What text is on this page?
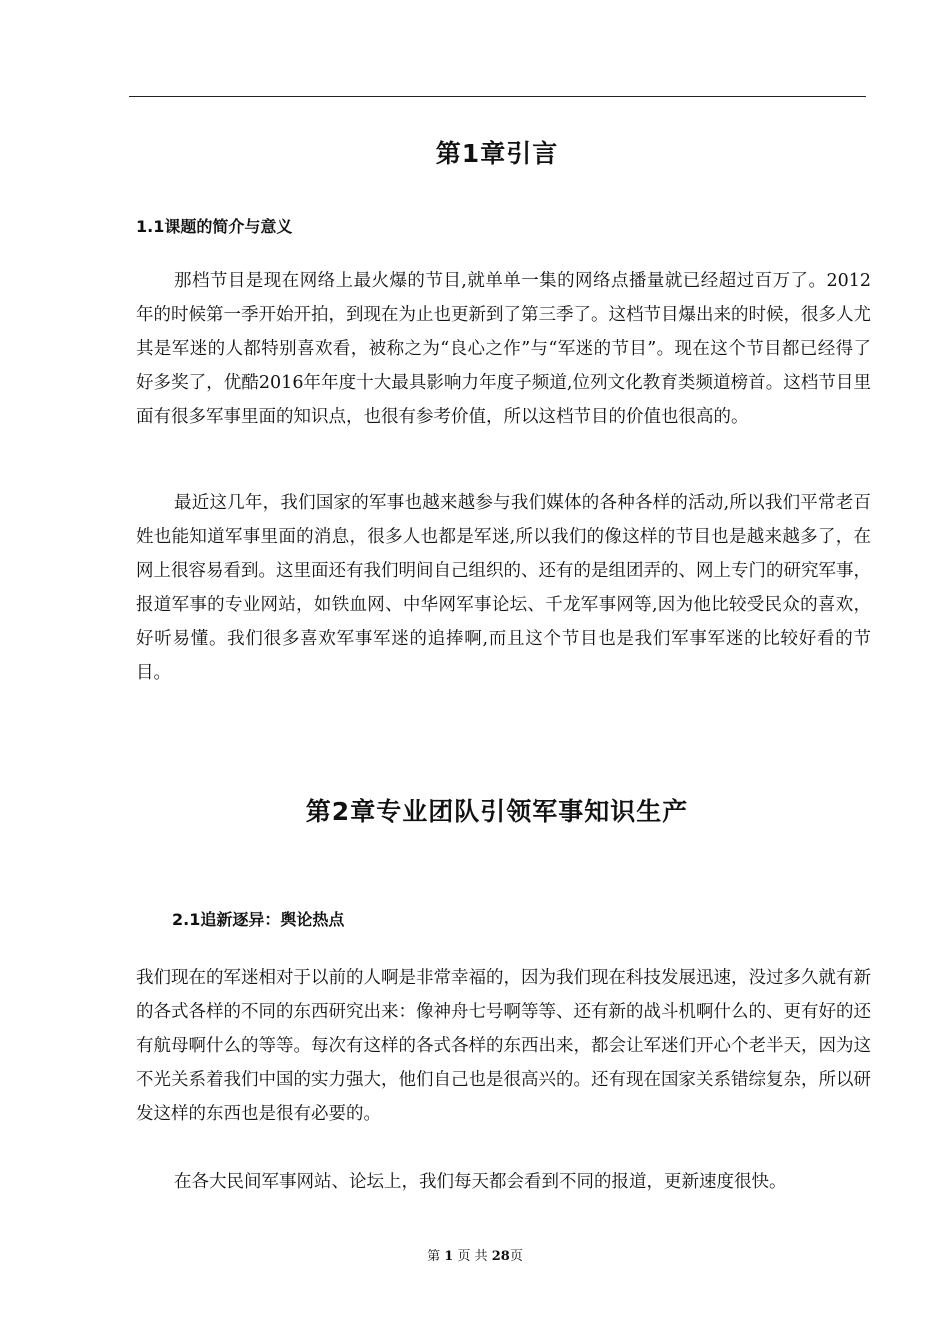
第1章引言
1.1课题的简介与意义

那档节目是现在网络上最火爆的节目,就单单一集的网络点播量就已经超过百万了。2012年的时候第一季开始开拍，到现在为止也更新到了第三季了。这档节目爆出来的时候，很多人尤其是军迷的人都特别喜欢看，被称之为“良心之作”与“军迷的节目”。现在这个节目都已经得了好多奖了，优酷2016年年度十大最具影响力年度子频道,位列文化教育类频道榜首。这档节目里面有很多军事里面的知识点，也很有参考价值，所以这档节目的价值也很高的。

最近这几年，我们国家的军事也越来越参与我们媒体的各种各样的活动,所以我们平常老百姓也能知道军事里面的消息，很多人也都是军迷,所以我们的像这样的节目也是越来越多了，在网上很容易看到。这里面还有我们明间自己组织的、还有的是组团弄的、网上专门的研究军事，报道军事的专业网站，如铁血网、中华网军事论坛、千龙军事网等,因为他比较受民众的喜欢，好听易懂。我们很多喜欢军事军迷的追捧啊,而且这个节目也是我们军事军迷的比较好看的节目。

第2章专业团队引领军事知识生产
2.1追新逐异：舆论热点

我们现在的军迷相对于以前的人啊是非常幸福的，因为我们现在科技发展迅速，没过多久就有新的各式各样的不同的东西研究出来：像神舟七号啊等等、还有新的战斗机啊什么的、更有好的还有航母啊什么的等等。每次有这样的各式各样的东西出来，都会让军迷们开心个老半天，因为这不光关系着我们中国的实力强大，他们自己也是很高兴的。还有现在国家关系错综复杂，所以研发这样的东西也是很有必要的。

在各大民间军事网站、论坛上，我们每天都会看到不同的报道，更新速度很快。

第 1 页 共 28页
